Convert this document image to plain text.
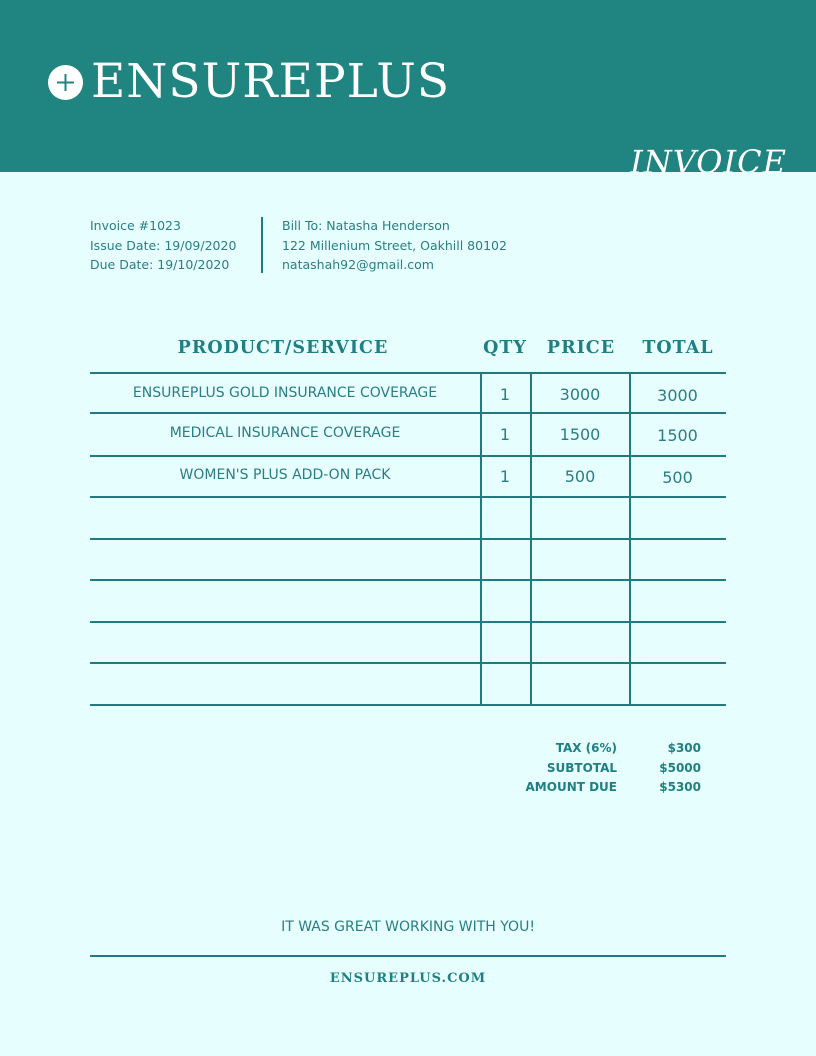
ENSUREPLUS
INVOICE
Invoice #1023
Issue Date: 19/09/2020
Due Date: 19/10/2020
Bill To: Natasha Henderson
122 Millenium Street, Oakhill 80102
natashah92@gmail.com
PRODUCT/SERVICE	QTY	PRICE	TOTAL
ENSUREPLUS GOLD INSURANCE COVERAGE	1	3000	3000
MEDICAL INSURANCE COVERAGE	1	1500	1500
WOMEN'S PLUS ADD-ON PACK	1	500	500
TAX (6%)	$300
SUBTOTAL	$5000
AMOUNT DUE	$5300
IT WAS GREAT WORKING WITH YOU!
ENSUREPLUS.COM
